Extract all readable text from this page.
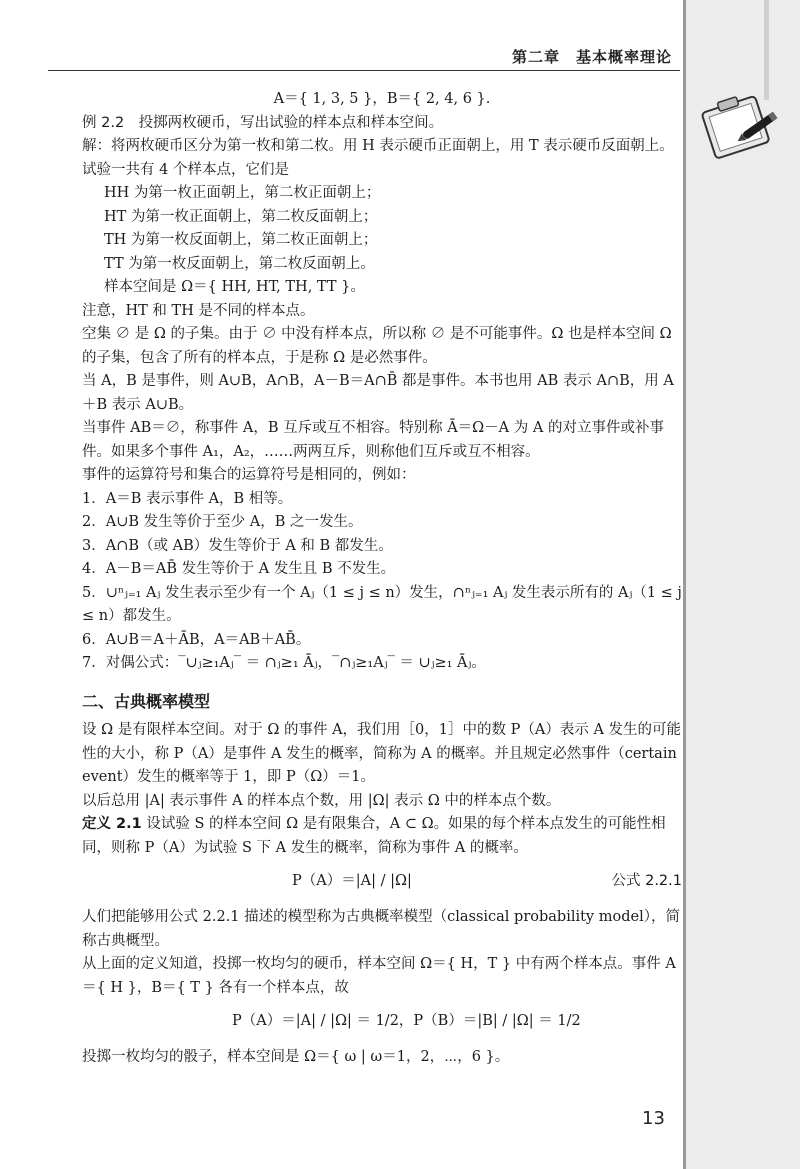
第二章　基本概率理论

A＝{ 1, 3, 5 }，B＝{ 2, 4, 6 }.

例 2.2　投掷两枚硬币，写出试验的样本点和样本空间。

解：将两枚硬币区分为第一枚和第二枚。用 H 表示硬币正面朝上，用 T 表示硬币反面朝上。试验一共有 4 个样本点，它们是

HH 为第一枚正面朝上，第二枚正面朝上；

HT 为第一枚正面朝上，第二枚反面朝上；

TH 为第一枚反面朝上，第二枚正面朝上；

TT 为第一枚反面朝上，第二枚反面朝上。

样本空间是 Ω＝{ HH, HT, TH, TT }。

注意，HT 和 TH 是不同的样本点。

空集 ∅ 是 Ω 的子集。由于 ∅ 中没有样本点，所以称 ∅ 是不可能事件。Ω 也是样本空间 Ω 的子集，包含了所有的样本点，于是称 Ω 是必然事件。

当 A，B 是事件，则 A∪B，A∩B，A－B＝A∩B̄ 都是事件。本书也用 AB 表示 A∩B，用 A＋B 表示 A∪B。

当事件 AB＝∅，称事件 A，B 互斥或互不相容。特别称 Ā＝Ω－A 为 A 的对立事件或补事件。如果多个事件 A₁，A₂，……两两互斥，则称他们互斥或互不相容。

事件的运算符号和集合的运算符号是相同的，例如：

1．A＝B 表示事件 A，B 相等。

2．A∪B 发生等价于至少 A，B 之一发生。

3．A∩B（或 AB）发生等价于 A 和 B 都发生。

4．A－B＝AB̄ 发生等价于 A 发生且 B 不发生。

5．∪ⁿⱼ₌₁ Aⱼ 发生表示至少有一个 Aⱼ（1 ≤ j ≤ n）发生，∩ⁿⱼ₌₁ Aⱼ 发生表示所有的 Aⱼ（1 ≤ j ≤ n）都发生。

6．A∪B＝A＋ĀB，A＝AB＋AB̄。

7．对偶公式：‾∪ⱼ≥₁Aⱼ‾ ＝ ∩ⱼ≥₁ Āⱼ，‾∩ⱼ≥₁Aⱼ‾ ＝ ∪ⱼ≥₁ Āⱼ。

二、古典概率模型

设 Ω 是有限样本空间。对于 Ω 的事件 A，我们用［0，1］中的数 P（A）表示 A 发生的可能性的大小，称 P（A）是事件 A 发生的概率，简称为 A 的概率。并且规定必然事件（certain event）发生的概率等于 1，即 P（Ω）＝1。

以后总用 |A| 表示事件 A 的样本点个数，用 |Ω| 表示 Ω 中的样本点个数。

定义 2.1 设试验 S 的样本空间 Ω 是有限集合，A ⊂ Ω。如果的每个样本点发生的可能性相同，则称 P（A）为试验 S 下 A 发生的概率，简称为事件 A 的概率。

P（A）＝|A| / |Ω|	公式 2.2.1

人们把能够用公式 2.2.1 描述的模型称为古典概率模型（classical probability model），简称古典概型。

从上面的定义知道，投掷一枚均匀的硬币，样本空间 Ω＝{ H，T } 中有两个样本点。事件 A＝{ H }，B＝{ T } 各有一个样本点，故

P（A）＝|A| / |Ω| ＝ 1/2，P（B）＝|B| / |Ω| ＝ 1/2

投掷一枚均匀的骰子，样本空间是 Ω＝{ ω | ω＝1，2，⋯，6 }。

13
